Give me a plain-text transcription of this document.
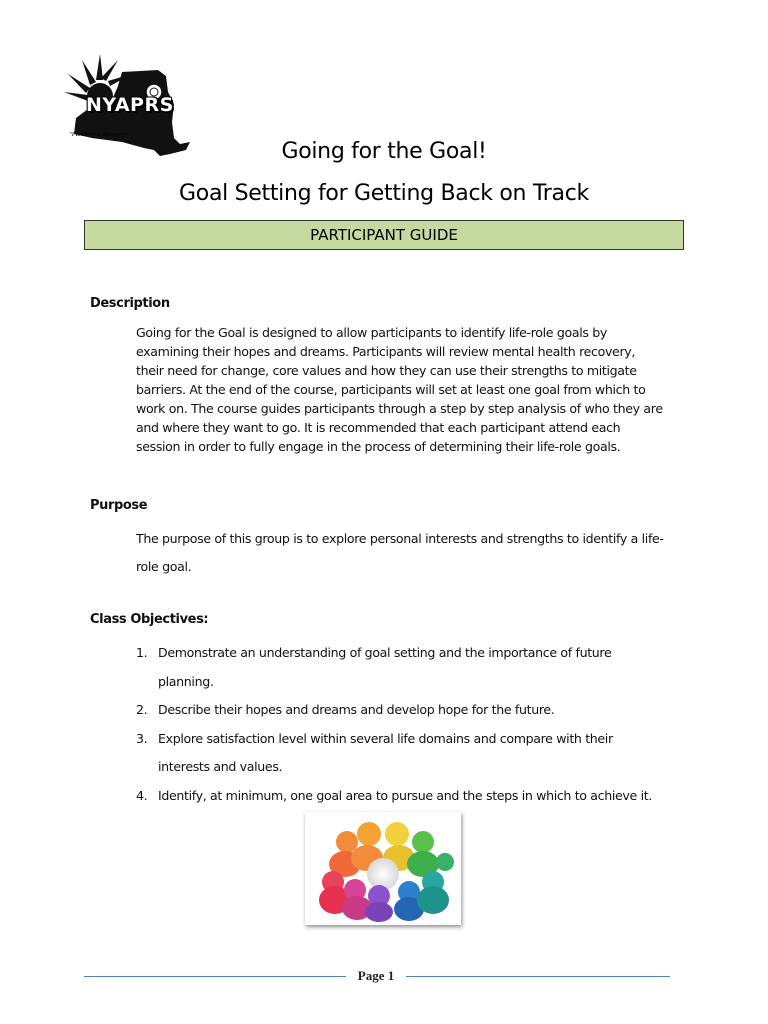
NYAPRS
"Partners in Recovery"
Going for the Goal!
Goal Setting for Getting Back on Track
PARTICIPANT GUIDE
Description
Going for the Goal is designed to allow participants to identify life-role goals by
examining their hopes and dreams. Participants will review mental health recovery,
their need for change, core values and how they can use their strengths to mitigate
barriers. At the end of the course, participants will set at least one goal from which to
work on. The course guides participants through a step by step analysis of who they are
and where they want to go. It is recommended that each participant attend each
session in order to fully engage in the process of determining their life-role goals.
Purpose
The purpose of this group is to explore personal interests and strengths to identify a life-
role goal.
Class Objectives:
1. Demonstrate an understanding of goal setting and the importance of future
planning.
2. Describe their hopes and dreams and develop hope for the future.
3. Explore satisfaction level within several life domains and compare with their
interests and values.
4. Identify, at minimum, one goal area to pursue and the steps in which to achieve it.
Page 1
